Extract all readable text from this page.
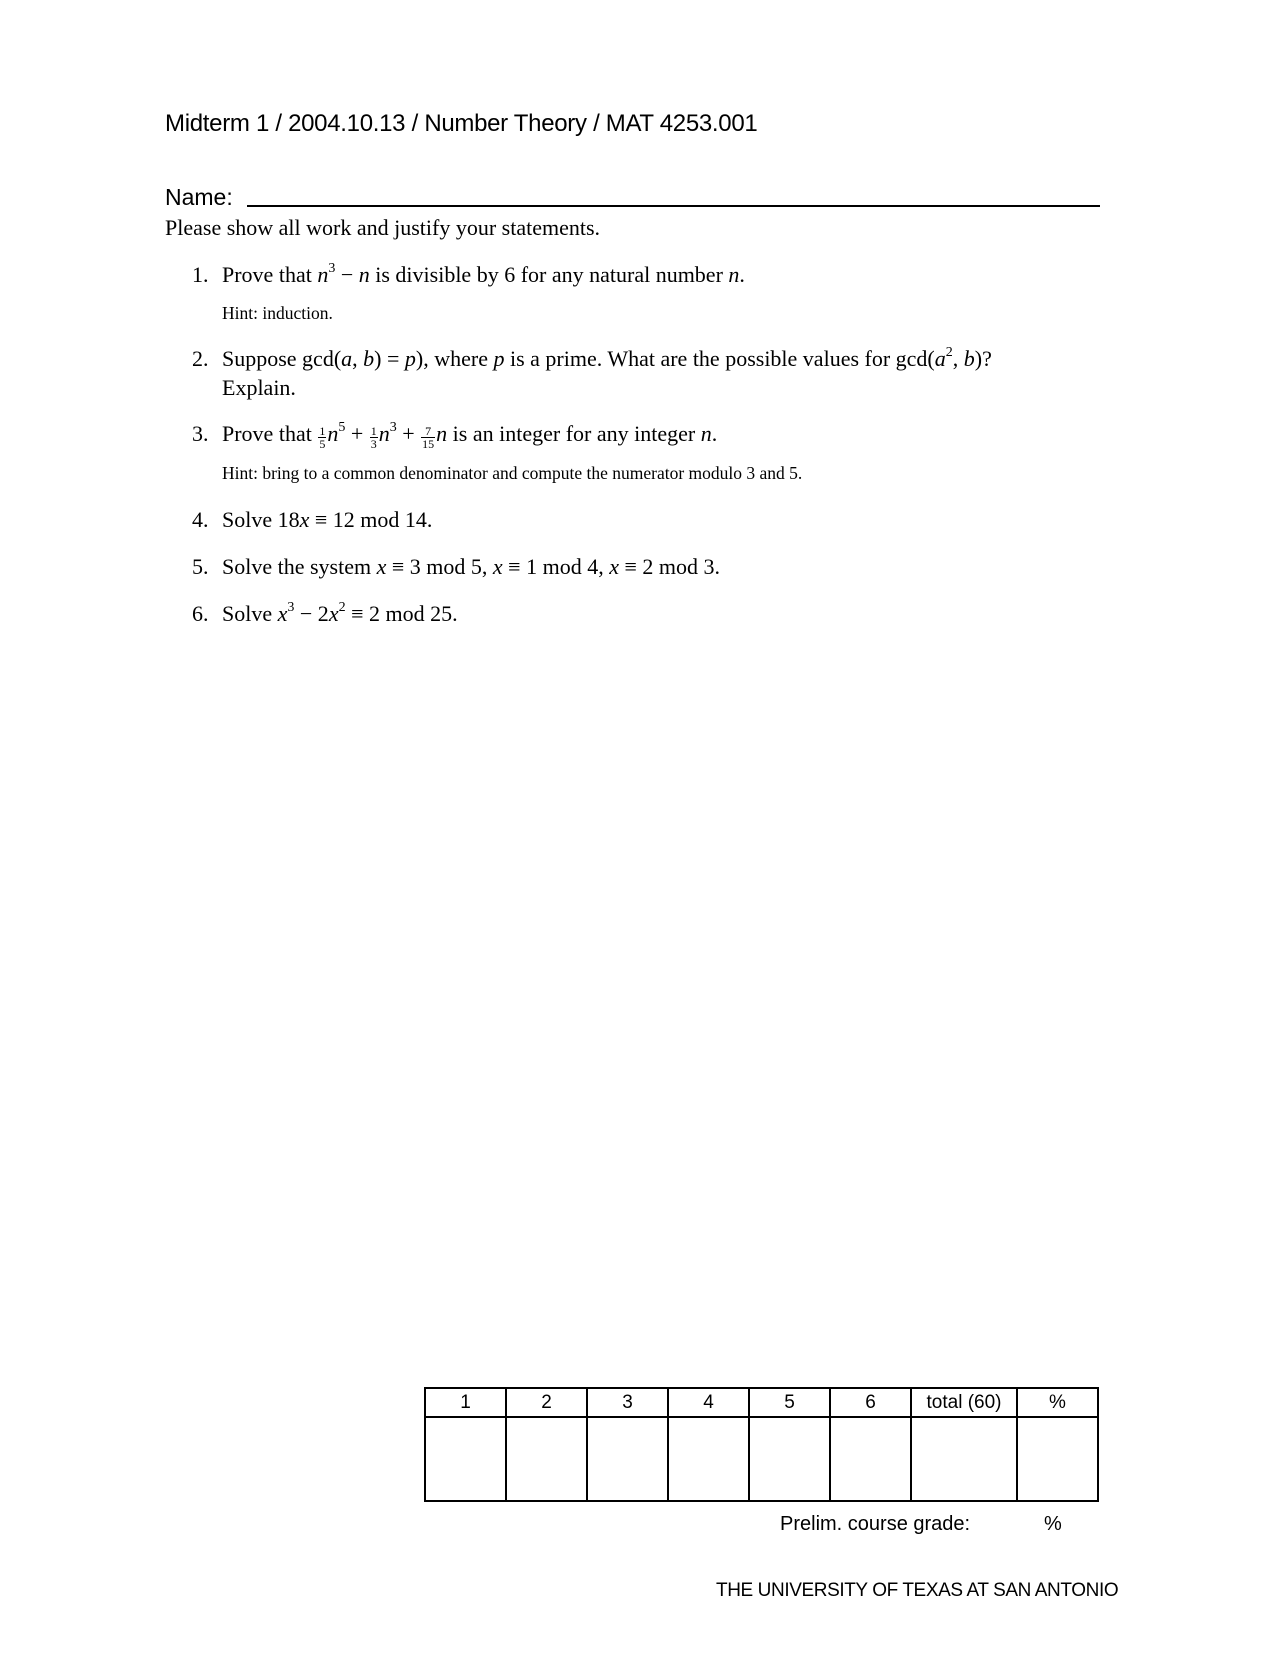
Midterm 1 / 2004.10.13 / Number Theory / MAT 4253.001
Name:
Please show all work and justify your statements.
1. Prove that $n^3 - n$ is divisible by 6 for any natural number n.
Hint: induction.
2. Suppose gcd(a, b) = p), where p is a prime. What are the possible values for $\gcd(a^2$, b)?
Explain.
3. Prove that $\frac{1}{5} n^5 + \frac{1}{3} n^3 + \frac{7}{15}$ n is an integer for any integer n.
Hint: bring to a common denominator and compute the numerator modulo 3 and 5.
4. Solve 18x ≡ 12 mod 14.
5. Solve the system x ≡ 3 mod 5, x ≡ 1 mod 4, x ≡ 2 mod 3.
6. Solve $x^3 - 2x^2 \equiv 2$ mod 25.
1	2	3	4	5	6	total (60)	%

Prelim. course grade:	%
THE UNIVERSITY OF TEXAS AT SAN ANTONIO
